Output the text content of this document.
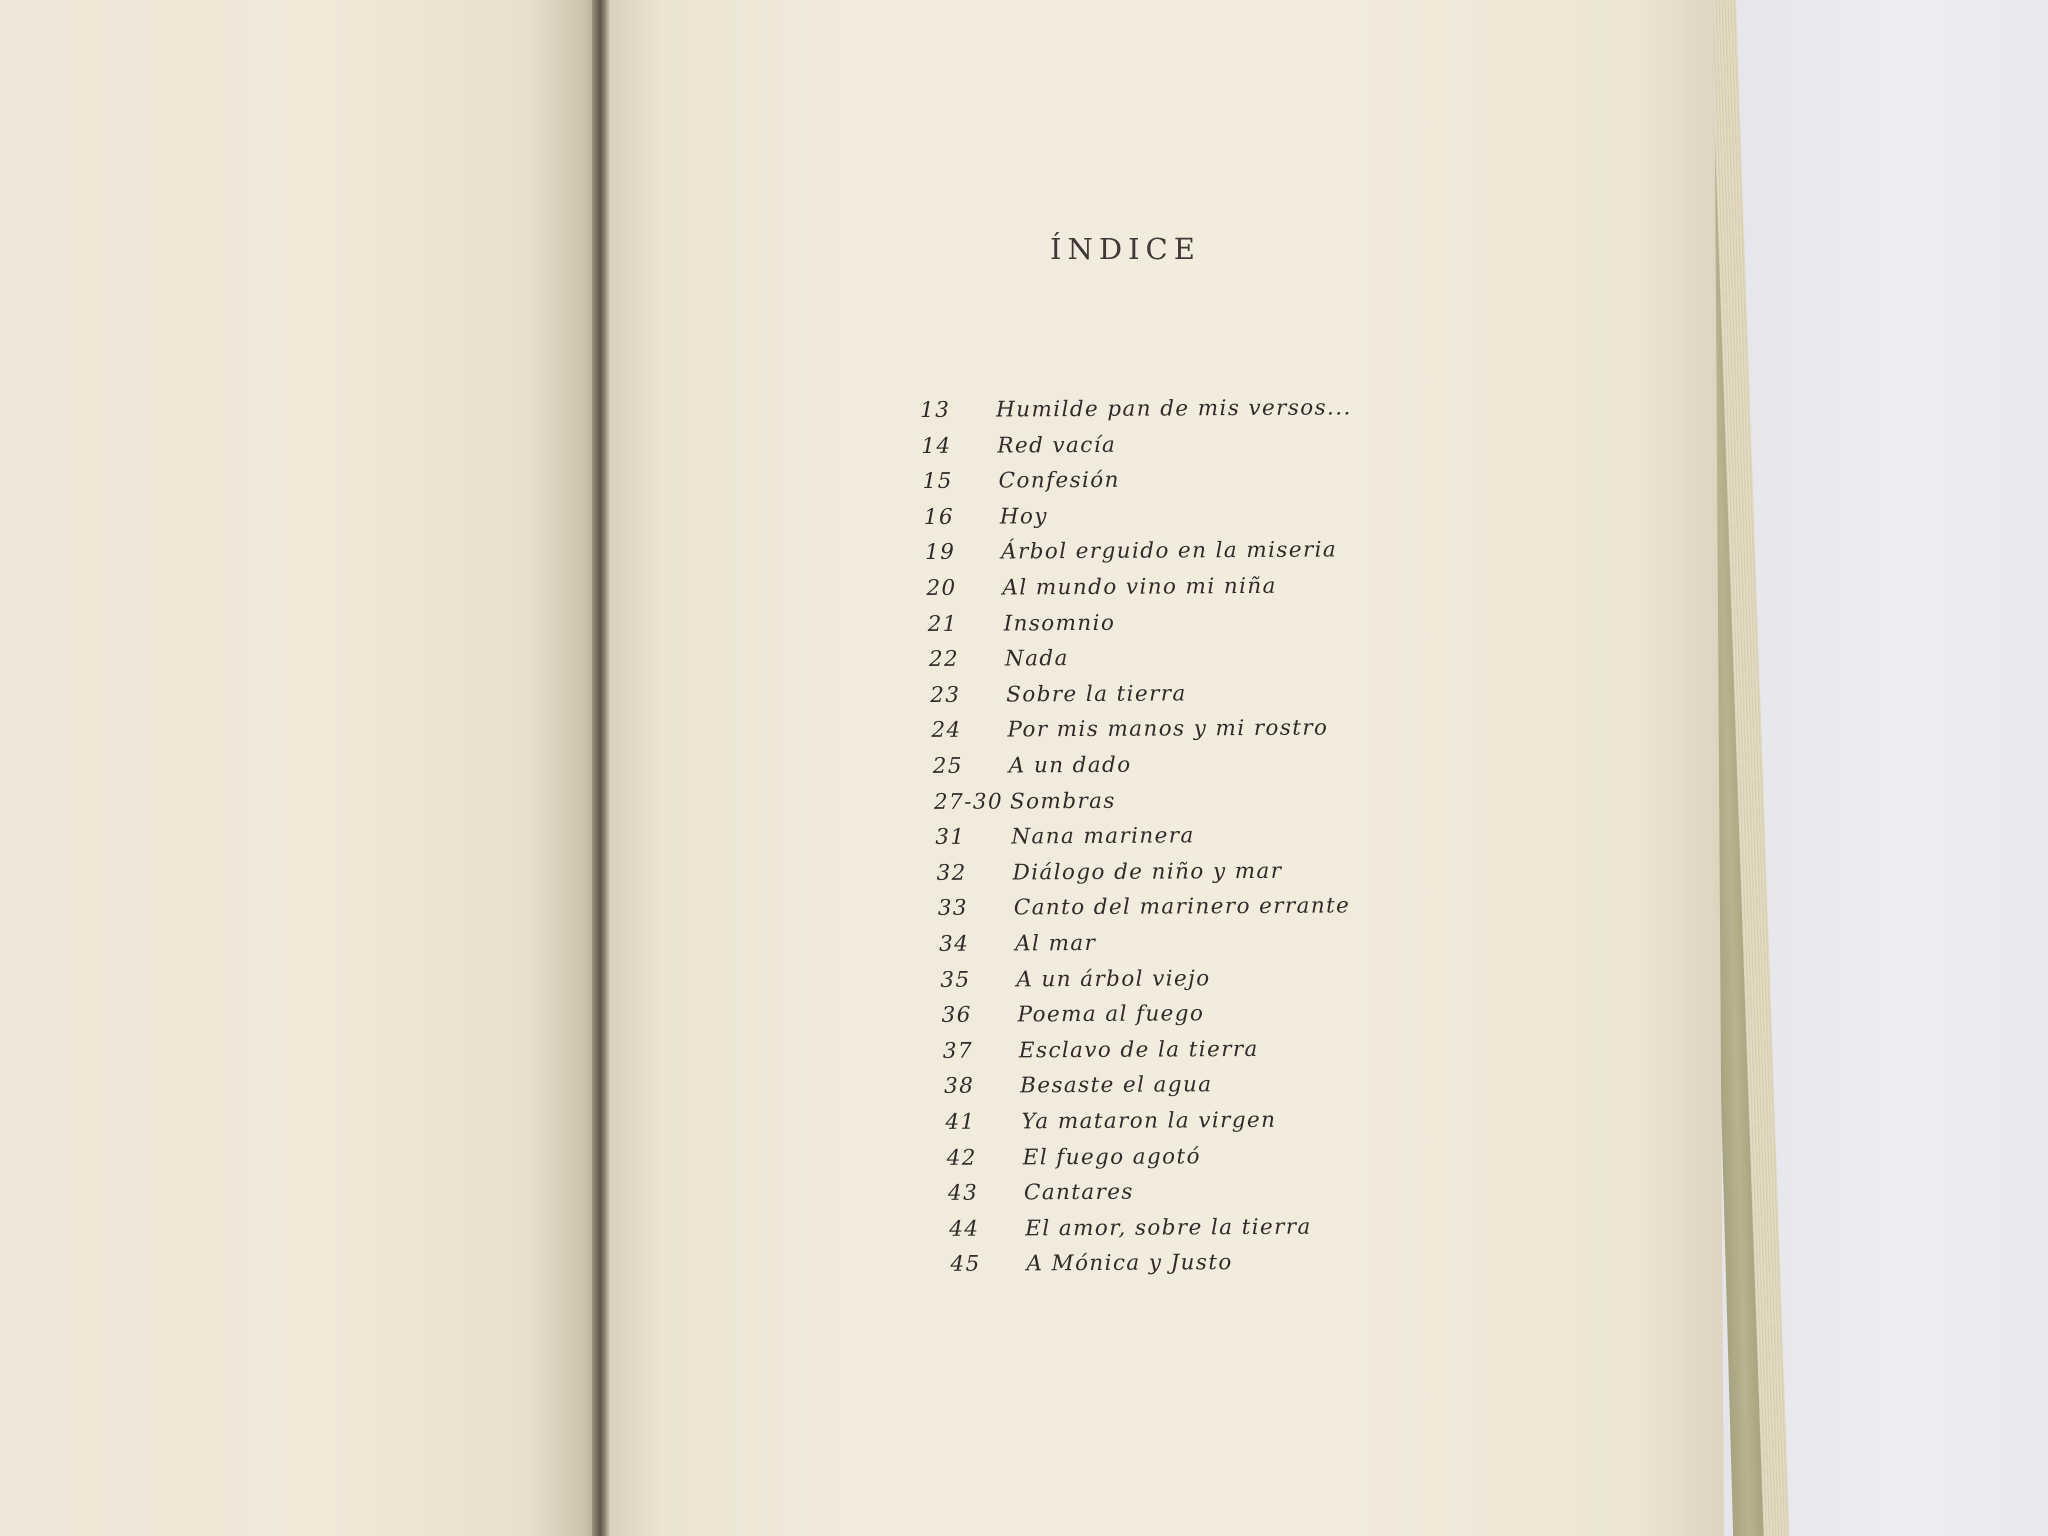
ÍNDICE
13 Humilde pan de mis versos...
14 Red vacía
15 Confesión
16 Hoy
19 Árbol erguido en la miseria
20 Al mundo vino mi niña
21 Insomnio
22 Nada
23 Sobre la tierra
24 Por mis manos y mi rostro
25 A un dado
27-30 Sombras
31 Nana marinera
32 Diálogo de niño y mar
33 Canto del marinero errante
34 Al mar
35 A un árbol viejo
36 Poema al fuego
37 Esclavo de la tierra
38 Besaste el agua
41 Ya mataron la virgen
42 El fuego agotó
43 Cantares
44 El amor, sobre la tierra
45 A Mónica y Justo
